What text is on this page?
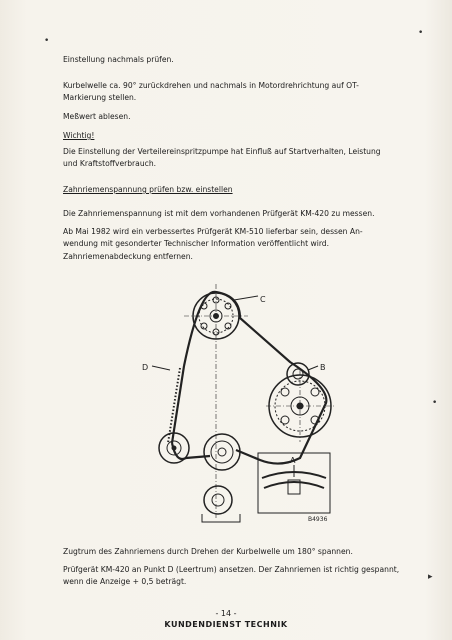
•
•
Einstellung nachmals prüfen.
Kurbelwelle ca. 90° zurückdrehen und nachmals in Motordrehrichtung auf OT-
Markierung stellen.
Meßwert ablesen.
Wichtig!
Die Einstellung der Verteilereinspritzpumpe hat Einfluß auf Startverhalten, Leistung
und Kraftstoffverbrauch.
Zahnriemenspannung prüfen bzw. einstellen
Die Zahnriemenspannung ist mit dem vorhandenen Prüfgerät KM-420 zu messen.
Ab Mai 1982 wird ein verbessertes Prüfgerät KM-510 lieferbar sein, dessen An-
wendung mit gesonderter Technischer Information veröffentlicht wird.
Zahnriemenabdeckung entfernen.
C
D	B
A
B4936
Zugtrum des Zahnriemens durch Drehen der Kurbelwelle um 180° spannen.
Prüfgerät KM-420 an Punkt D (Leertrum) ansetzen. Der Zahnriemen ist richtig gespannt,
wenn die Anzeige + 0,5 beträgt.
•
▸
- 14 -
KUNDENDIENST TECHNIK
